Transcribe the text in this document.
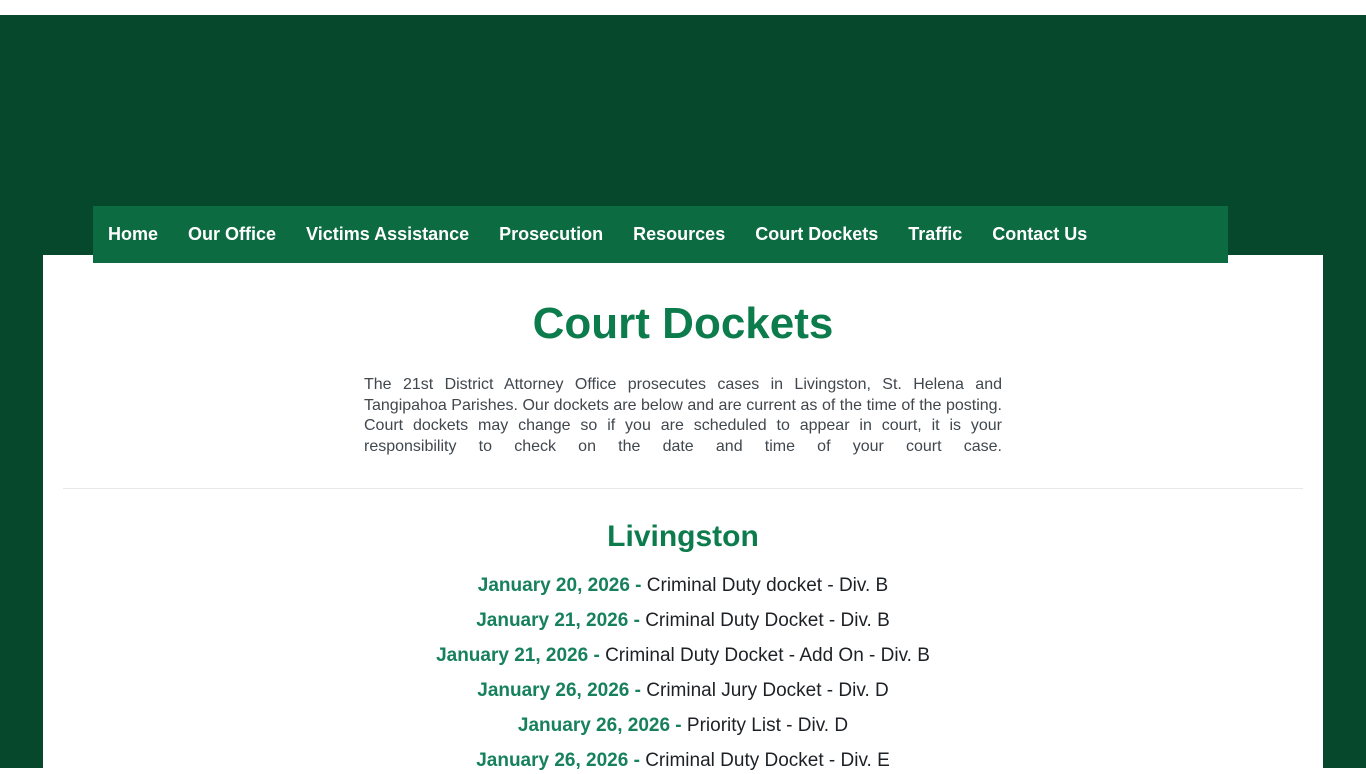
Court Dockets

The 21st District Attorney Office prosecutes cases in Livingston, St. Helena and Tangipahoa Parishes. Our dockets are below and are current as of the time of the posting. Court dockets may change so if you are scheduled to appear in court, it is your responsibility to check on the date and time of your court case.

Livingston
January 20, 2026 - Criminal Duty docket - Div. B
January 21, 2026 - Criminal Duty Docket - Div. B
January 21, 2026 - Criminal Duty Docket - Add On - Div. B
January 26, 2026 - Criminal Jury Docket - Div. D
January 26, 2026 - Priority List - Div. D
January 26, 2026 - Criminal Duty Docket - Div. E
Home	Our Office	Victims Assistance	Prosecution	Resources	Court Dockets	Traffic	Contact Us
